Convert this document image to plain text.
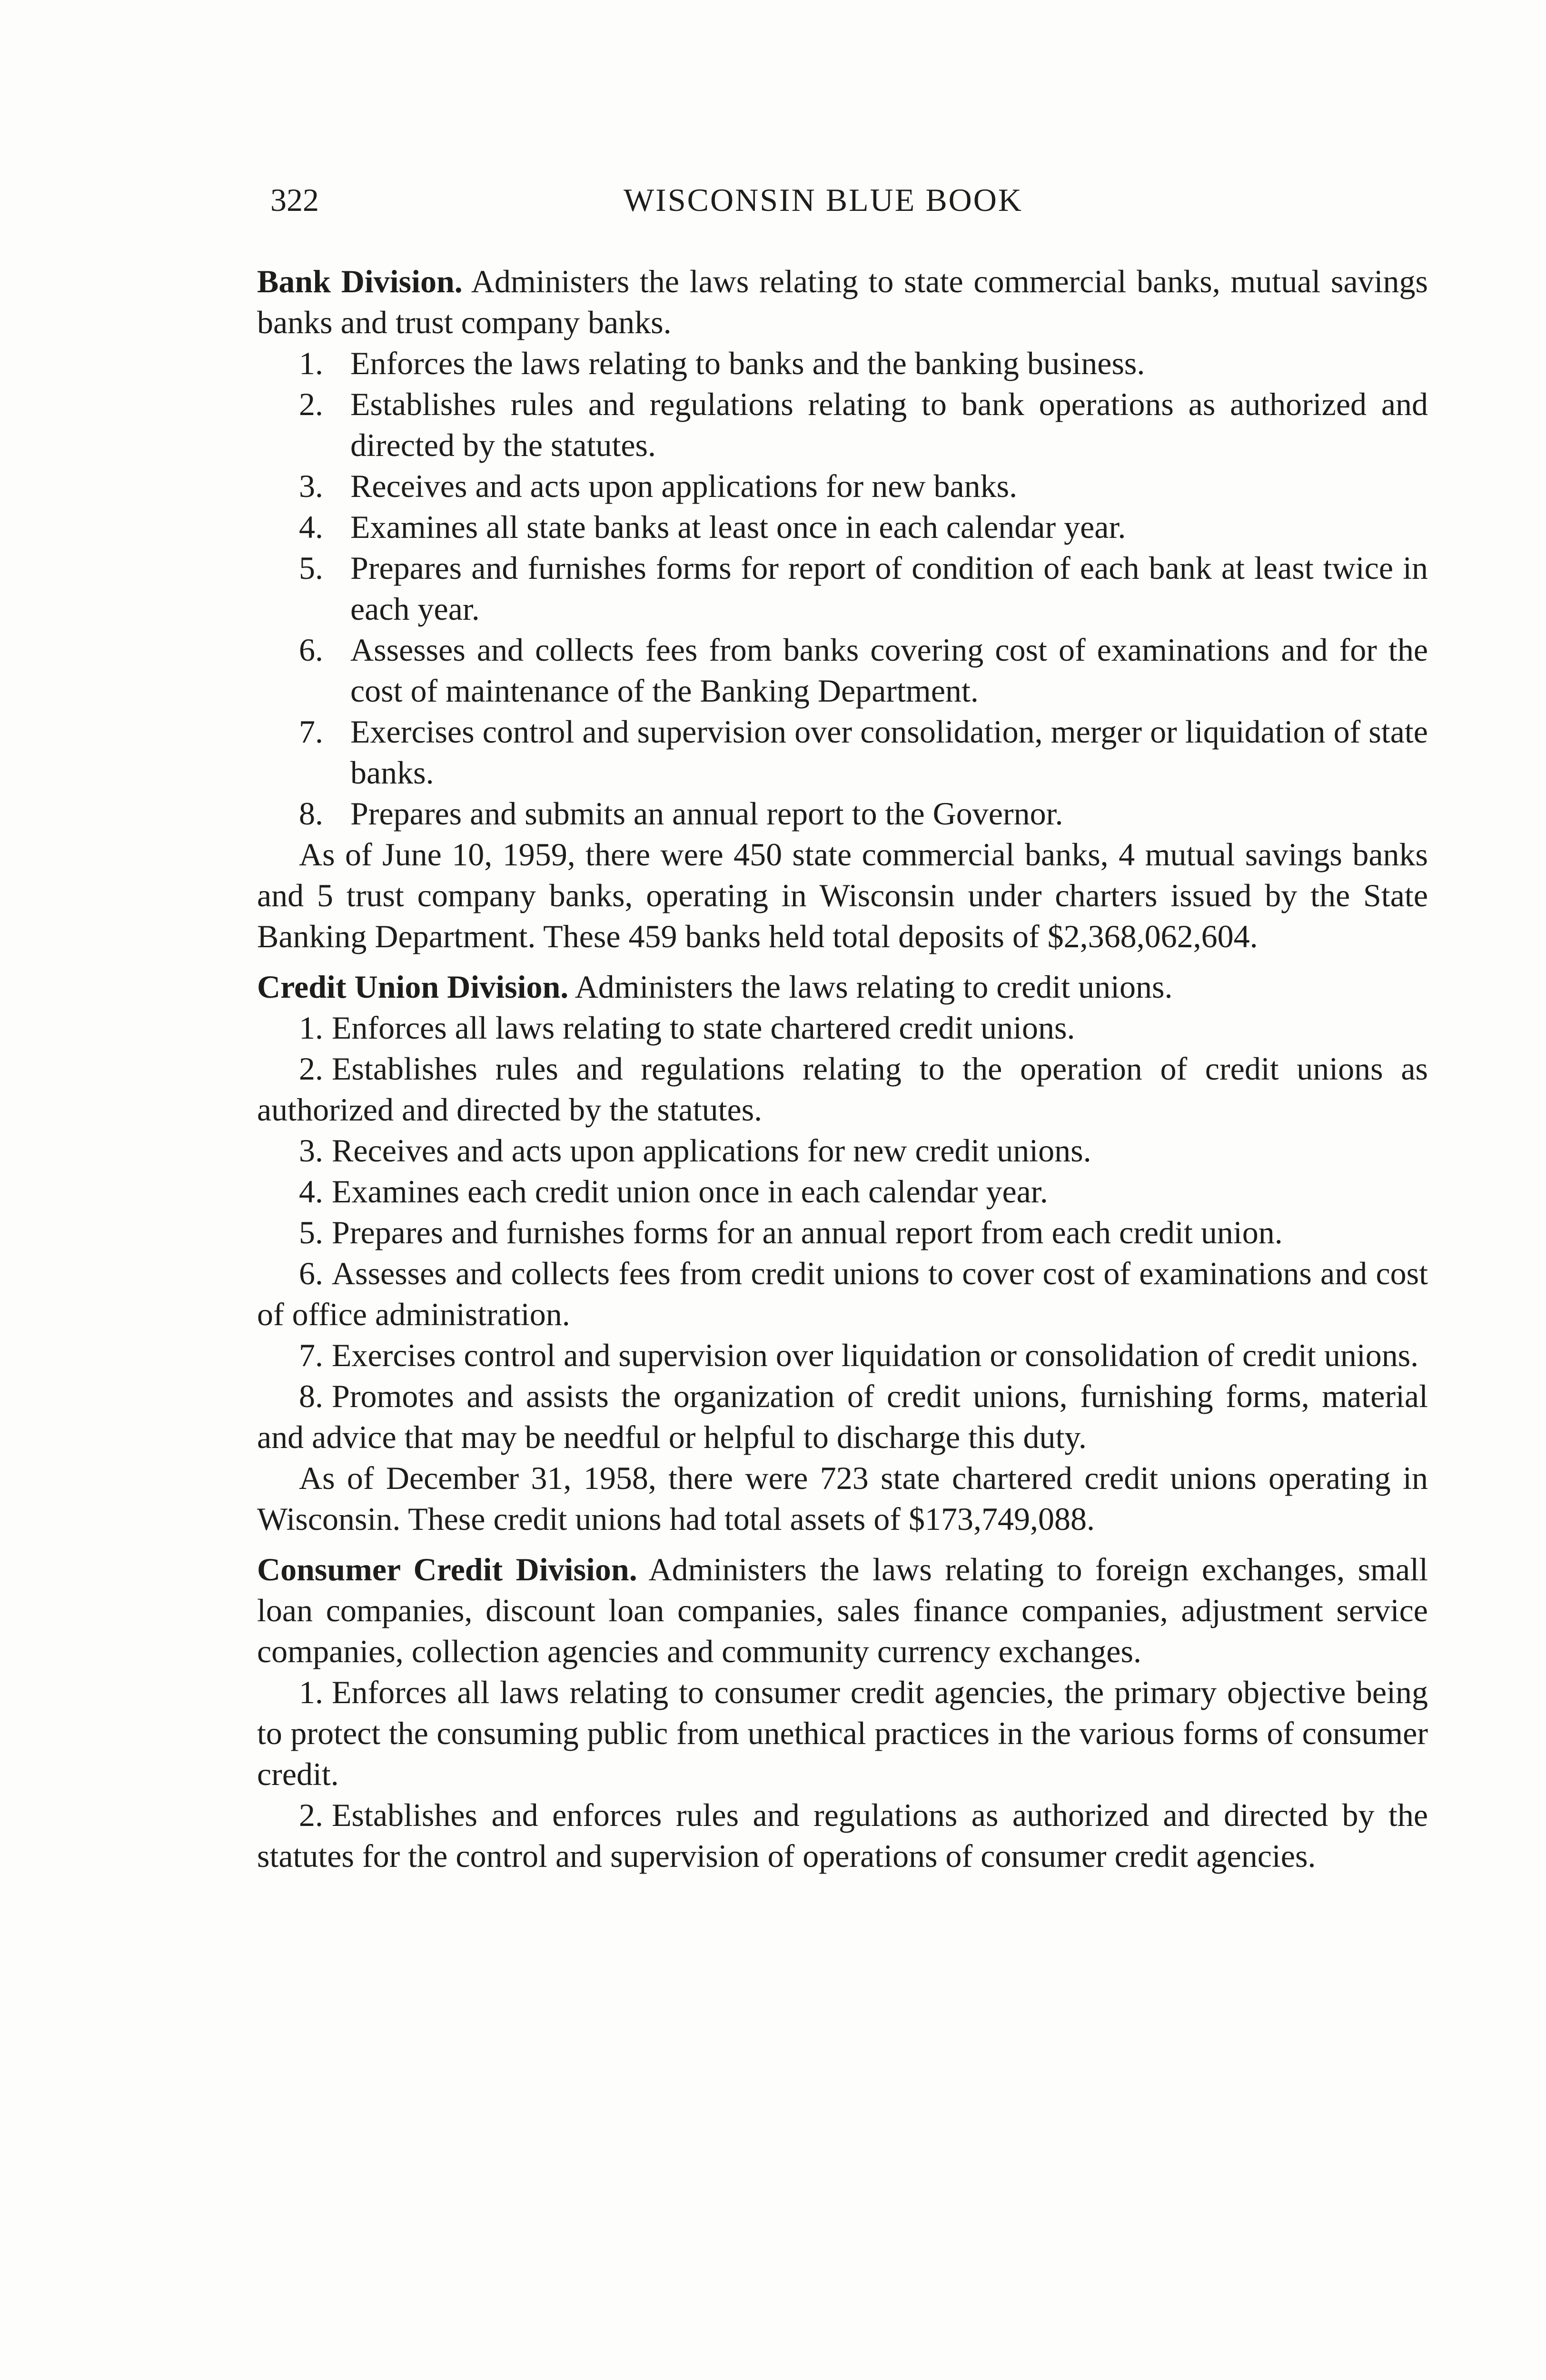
322	WISCONSIN BLUE BOOK

Bank Division. Administers the laws relating to state commercial banks, mutual savings banks and trust company banks.

1. Enforces the laws relating to banks and the banking business.
2. Establishes rules and regulations relating to bank operations as authorized and directed by the statutes.
3. Receives and acts upon applications for new banks.
4. Examines all state banks at least once in each calendar year.
5. Prepares and furnishes forms for report of condition of each bank at least twice in each year.
6. Assesses and collects fees from banks covering cost of examinations and for the cost of maintenance of the Banking Department.
7. Exercises control and supervision over consolidation, merger or liquidation of state banks.
8. Prepares and submits an annual report to the Governor.

As of June 10, 1959, there were 450 state commercial banks, 4 mutual savings banks and 5 trust company banks, operating in Wisconsin under charters issued by the State Banking Department. These 459 banks held total deposits of $2,368,062,604.

Credit Union Division. Administers the laws relating to credit unions.

1. Enforces all laws relating to state chartered credit unions.
2. Establishes rules and regulations relating to the operation of credit unions as authorized and directed by the statutes.
3. Receives and acts upon applications for new credit unions.
4. Examines each credit union once in each calendar year.
5. Prepares and furnishes forms for an annual report from each credit union.
6. Assesses and collects fees from credit unions to cover cost of examinations and cost of office administration.
7. Exercises control and supervision over liquidation or consolidation of credit unions.
8. Promotes and assists the organization of credit unions, furnishing forms, material and advice that may be needful or helpful to discharge this duty.

As of December 31, 1958, there were 723 state chartered credit unions operating in Wisconsin. These credit unions had total assets of $173,749,088.

Consumer Credit Division. Administers the laws relating to foreign exchanges, small loan companies, discount loan companies, sales finance companies, adjustment service companies, collection agencies and community currency exchanges.

1. Enforces all laws relating to consumer credit agencies, the primary objective being to protect the consuming public from unethical practices in the various forms of consumer credit.
2. Establishes and enforces rules and regulations as authorized and directed by the statutes for the control and supervision of operations of consumer credit agencies.
